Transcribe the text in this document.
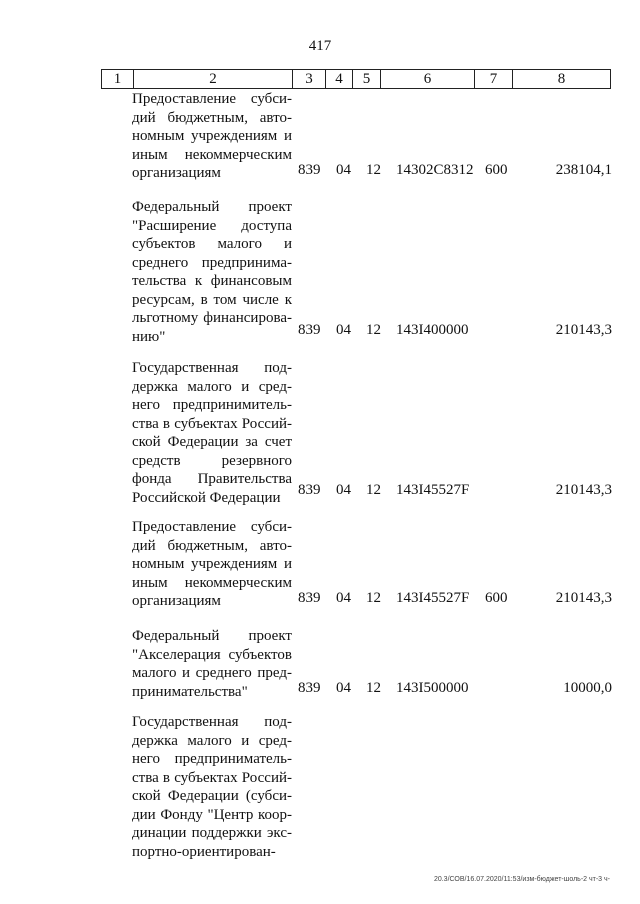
417
1	2	3	4	5	6	7	8
Предоставление субси-
дий бюджетным, авто-
номным учреждениям и
иным некоммерческим
организациям	839 04 12 14302С8312 600	238104,1
Федеральный проект
"Расширение доступа
субъектов малого и
среднего предпринима-
тельства к финансовым
ресурсам, в том числе к
льготному финансирова-
нию"	839 04 12 143I400000	210143,3
Государственная под-
держка малого и сред-
него предпринимитель-
ства в субъектах Россий-
ской Федерации за счет
средств резервного
фонда Правительства
Российской Федерации	839 04 12 143I45527F	210143,3
Предоставление субси-
дий бюджетным, авто-
номным учреждениям и
иным некоммерческим
организациям	839 04 12 143I45527F 600	210143,3
Федеральный проект
"Акселерация субъектов
малого и среднего пред-
принимательства"	839 04 12 143I500000	10000,0
Государственная под-
держка малого и сред-
него предприниматель-
ства в субъектах Россий-
ской Федерации (субси-
дии Фонду "Центр коор-
динации поддержки экс-
портно-ориентирован-
20.3/СОВ/16.07.2020/11:53/изм-бюджет-шоль-2 чт-3 ч-
